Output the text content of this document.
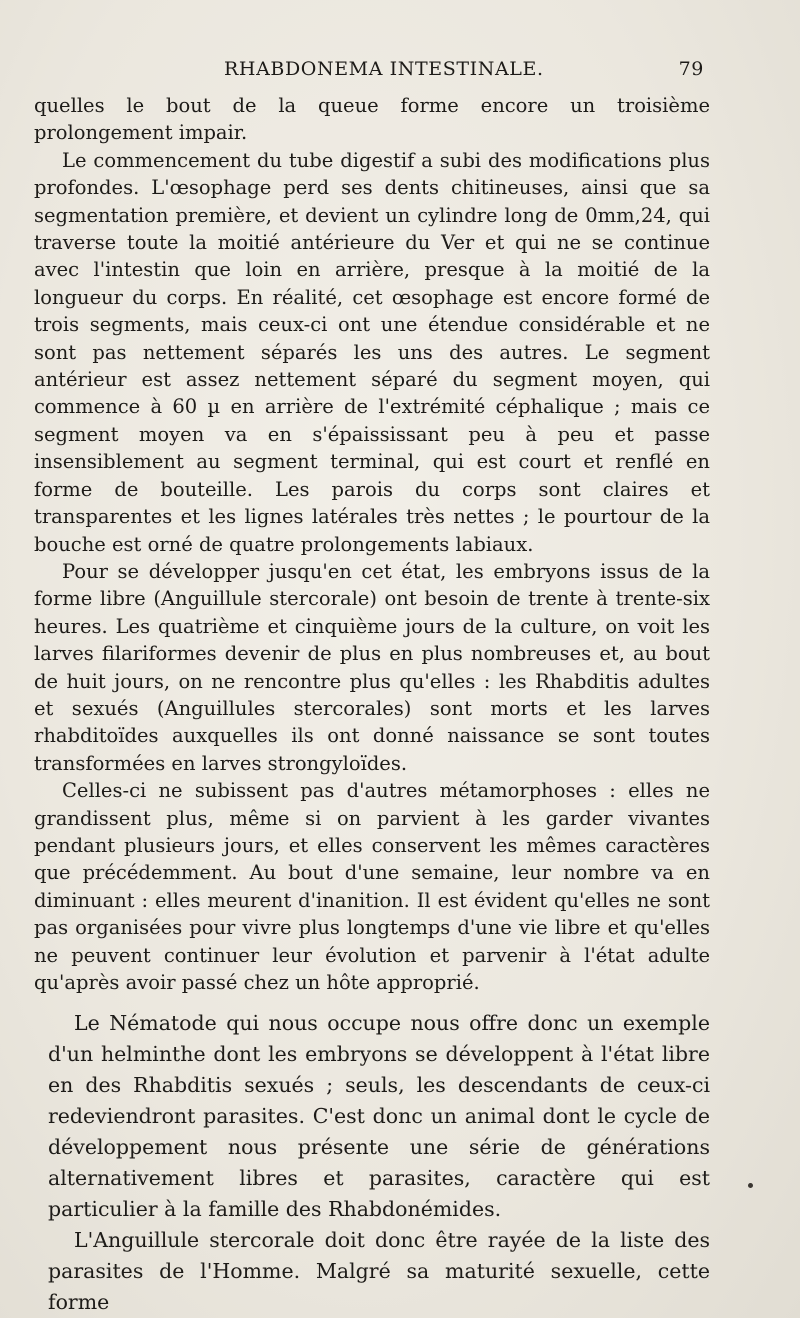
RHABDONEMA INTESTINALE.	79

quelles le bout de la queue forme encore un troisième prolongement impair.

Le commencement du tube digestif a subi des modifications plus profondes. L'œsophage perd ses dents chitineuses, ainsi que sa segmentation première, et devient un cylindre long de 0mm,24, qui traverse toute la moitié antérieure du Ver et qui ne se continue avec l'intestin que loin en arrière, presque à la moitié de la longueur du corps. En réalité, cet œsophage est encore formé de trois segments, mais ceux-ci ont une étendue considérable et ne sont pas nettement séparés les uns des autres. Le segment antérieur est assez nettement séparé du segment moyen, qui commence à 60 µ en arrière de l'extrémité céphalique ; mais ce segment moyen va en s'épaississant peu à peu et passe insensiblement au segment terminal, qui est court et renflé en forme de bouteille. Les parois du corps sont claires et transparentes et les lignes latérales très nettes ; le pourtour de la bouche est orné de quatre prolongements labiaux.

Pour se développer jusqu'en cet état, les embryons issus de la forme libre (Anguillule stercorale) ont besoin de trente à trente-six heures. Les quatrième et cinquième jours de la culture, on voit les larves filariformes devenir de plus en plus nombreuses et, au bout de huit jours, on ne rencontre plus qu'elles : les Rhabditis adultes et sexués (Anguillules stercorales) sont morts et les larves rhabditoïdes auxquelles ils ont donné naissance se sont toutes transformées en larves strongyloïdes.

Celles-ci ne subissent pas d'autres métamorphoses : elles ne grandissent plus, même si on parvient à les garder vivantes pendant plusieurs jours, et elles conservent les mêmes caractères que précédemment. Au bout d'une semaine, leur nombre va en diminuant : elles meurent d'inanition. Il est évident qu'elles ne sont pas organisées pour vivre plus longtemps d'une vie libre et qu'elles ne peuvent continuer leur évolution et parvenir à l'état adulte qu'après avoir passé chez un hôte approprié.

Le Nématode qui nous occupe nous offre donc un exemple d'un helminthe dont les embryons se développent à l'état libre en des Rhabditis sexués ; seuls, les descendants de ceux-ci redeviendront parasites. C'est donc un animal dont le cycle de développement nous présente une série de générations alternativement libres et parasites, caractère qui est particulier à la famille des Rhabdonémides.

L'Anguillule stercorale doit donc être rayée de la liste des parasites de l'Homme. Malgré sa maturité sexuelle, cette forme
